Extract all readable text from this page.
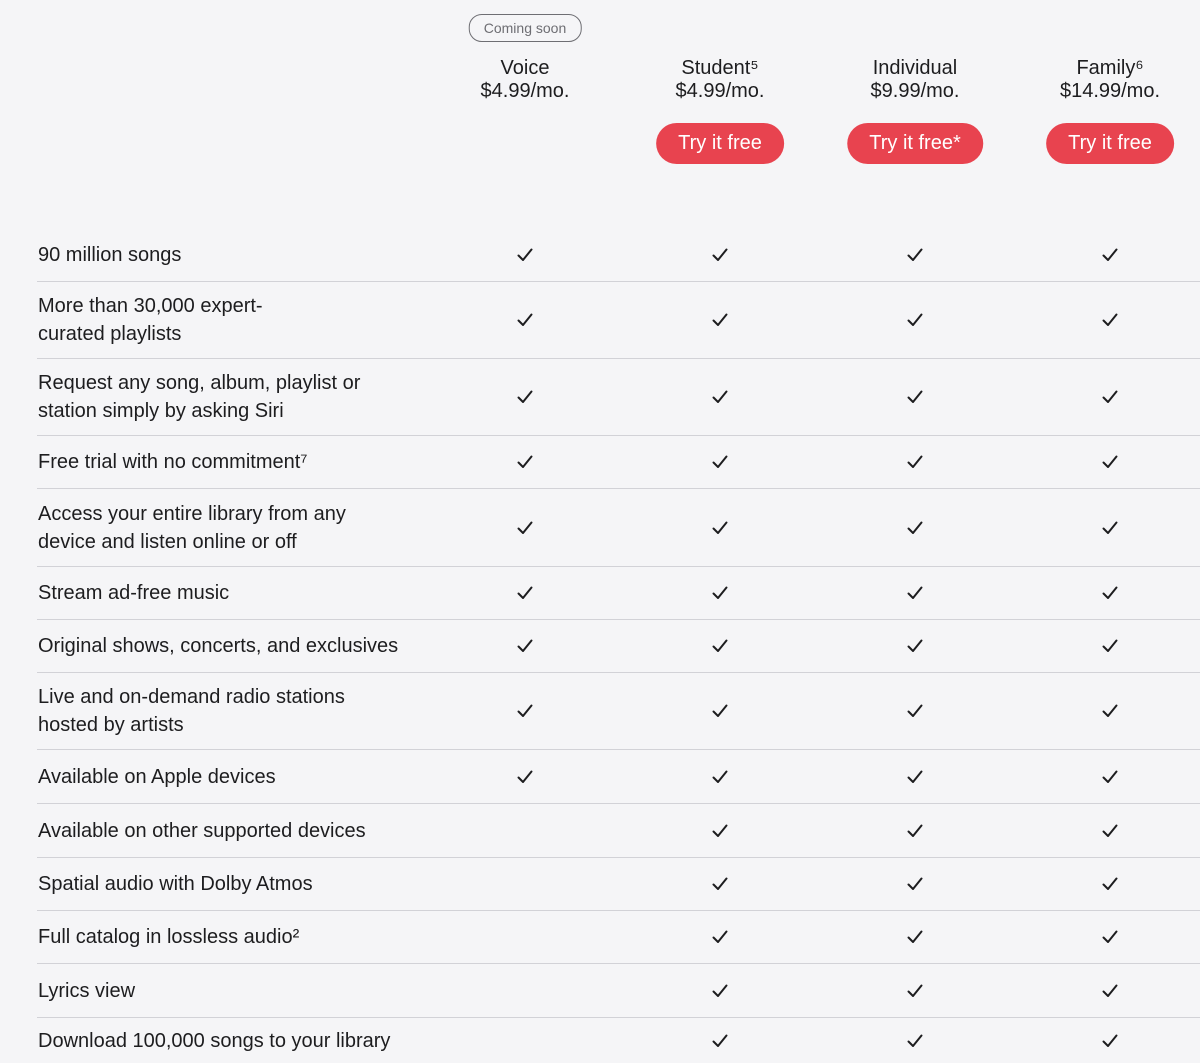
Coming soon
Voice
$4.99/mo.
Student⁵
$4.99/mo.
Try it free
Individual
$9.99/mo.
Try it free*
Family⁶
$14.99/mo.
Try it free
90 million songs
More than 30,000 expert-
curated playlists
Request any song, album, playlist or
station simply by asking Siri
Free trial with no commitment⁷
Access your entire library from any
device and listen online or off
Stream ad-free music
Original shows, concerts, and exclusives
Live and on-demand radio stations
hosted by artists
Available on Apple devices
Available on other supported devices
Spatial audio with Dolby Atmos
Full catalog in lossless audio²
Lyrics view
Download 100,000 songs to your library
